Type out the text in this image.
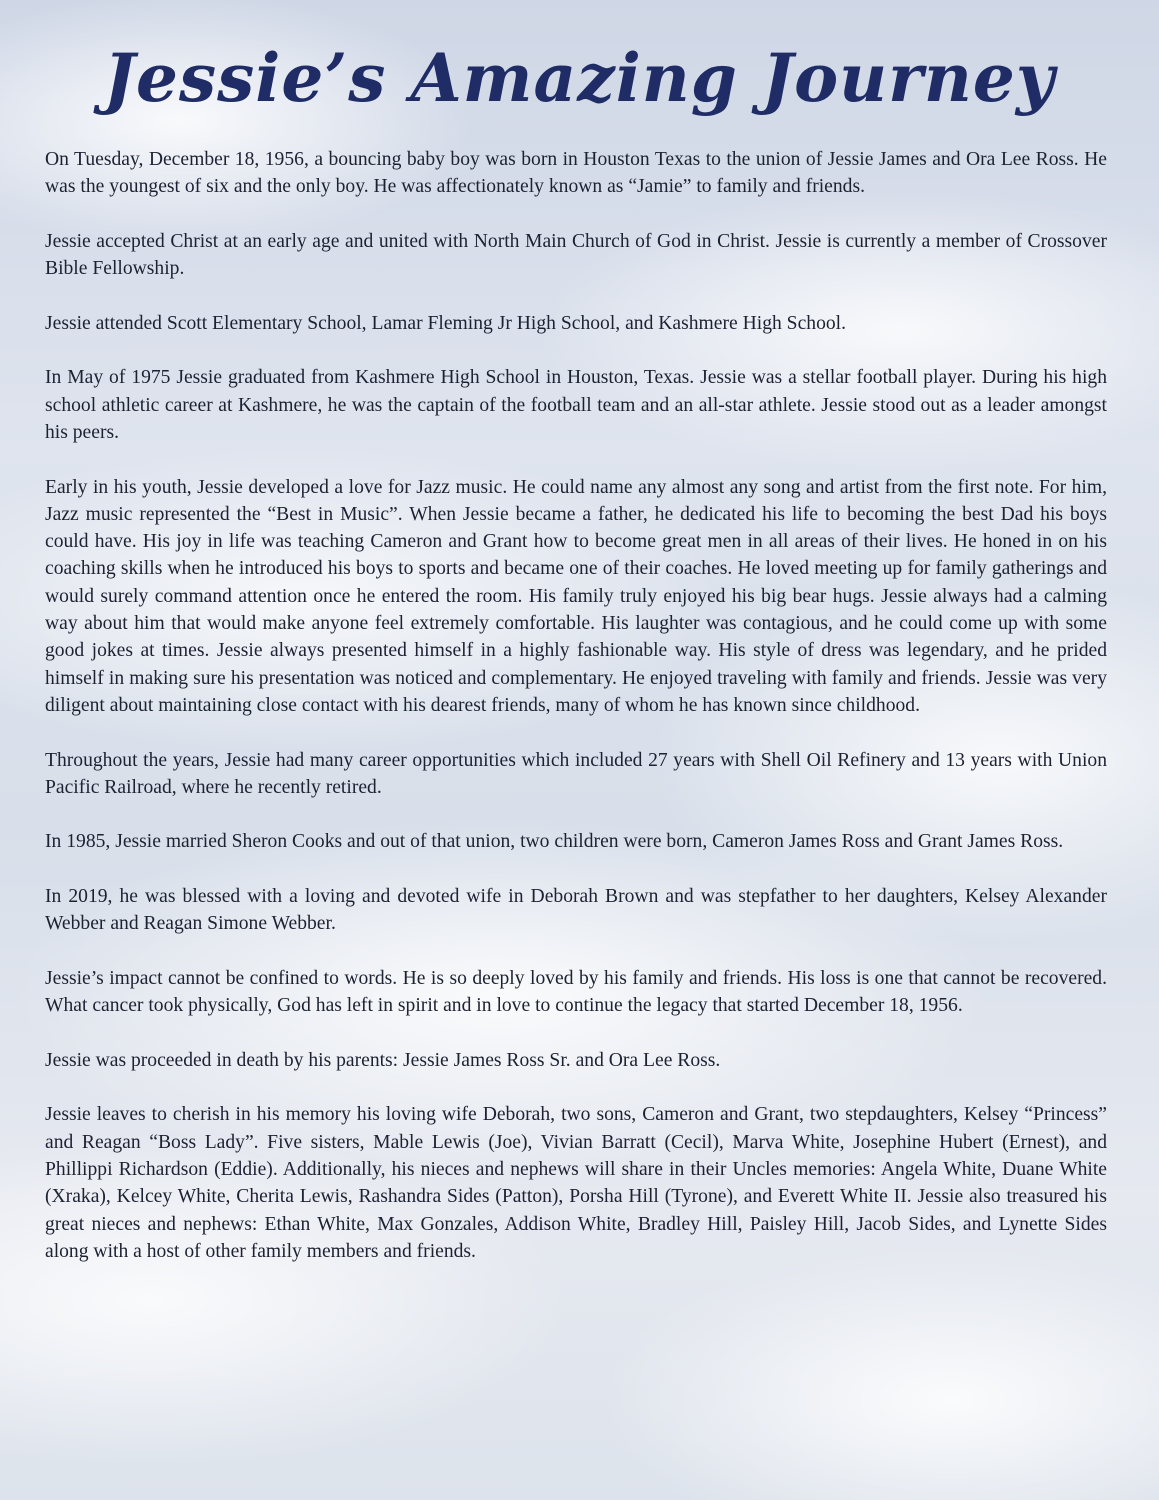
Jessie’s Amazing Journey

On Tuesday, December 18, 1956, a bouncing baby boy was born in Houston Texas to the union of Jessie James and Ora Lee Ross. He was the youngest of six and the only boy. He was affectionately known as “Jamie” to family and friends.

Jessie accepted Christ at an early age and united with North Main Church of God in Christ. Jessie is currently a member of Crossover Bible Fellowship.

Jessie attended Scott Elementary School, Lamar Fleming Jr High School, and Kashmere High School.

In May of 1975 Jessie graduated from Kashmere High School in Houston, Texas. Jessie was a stellar football player. During his high school athletic career at Kashmere, he was the captain of the football team and an all-star athlete. Jessie stood out as a leader amongst his peers.

Early in his youth, Jessie developed a love for Jazz music. He could name any almost any song and artist from the first note. For him, Jazz music represented the “Best in Music”. When Jessie became a father, he dedicated his life to becoming the best Dad his boys could have. His joy in life was teaching Cameron and Grant how to become great men in all areas of their lives. He honed in on his coaching skills when he introduced his boys to sports and became one of their coaches. He loved meeting up for family gatherings and would surely command attention once he entered the room. His family truly enjoyed his big bear hugs. Jessie always had a calming way about him that would make anyone feel extremely comfortable. His laughter was contagious, and he could come up with some good jokes at times. Jessie always presented himself in a highly fashionable way. His style of dress was legendary, and he prided himself in making sure his presentation was noticed and complementary. He enjoyed traveling with family and friends. Jessie was very diligent about maintaining close contact with his dearest friends, many of whom he has known since childhood.

Throughout the years, Jessie had many career opportunities which included 27 years with Shell Oil Refinery and 13 years with Union Pacific Railroad, where he recently retired.

In 1985, Jessie married Sheron Cooks and out of that union, two children were born, Cameron James Ross and Grant James Ross.

In 2019, he was blessed with a loving and devoted wife in Deborah Brown and was stepfather to her daughters, Kelsey Alexander Webber and Reagan Simone Webber.

Jessie’s impact cannot be confined to words. He is so deeply loved by his family and friends. His loss is one that cannot be recovered. What cancer took physically, God has left in spirit and in love to continue the legacy that started December 18, 1956.

Jessie was proceeded in death by his parents: Jessie James Ross Sr. and Ora Lee Ross.

Jessie leaves to cherish in his memory his loving wife Deborah, two sons, Cameron and Grant, two stepdaughters, Kelsey “Princess” and Reagan “Boss Lady”. Five sisters, Mable Lewis (Joe), Vivian Barratt (Cecil), Marva White, Josephine Hubert (Ernest), and Phillippi Richardson (Eddie). Additionally, his nieces and nephews will share in their Uncles memories: Angela White, Duane White (Xraka), Kelcey White, Cherita Lewis, Rashandra Sides (Patton), Porsha Hill (Tyrone), and Everett White II. Jessie also treasured his great nieces and nephews: Ethan White, Max Gonzales, Addison White, Bradley Hill, Paisley Hill, Jacob Sides, and Lynette Sides along with a host of other family members and friends.
